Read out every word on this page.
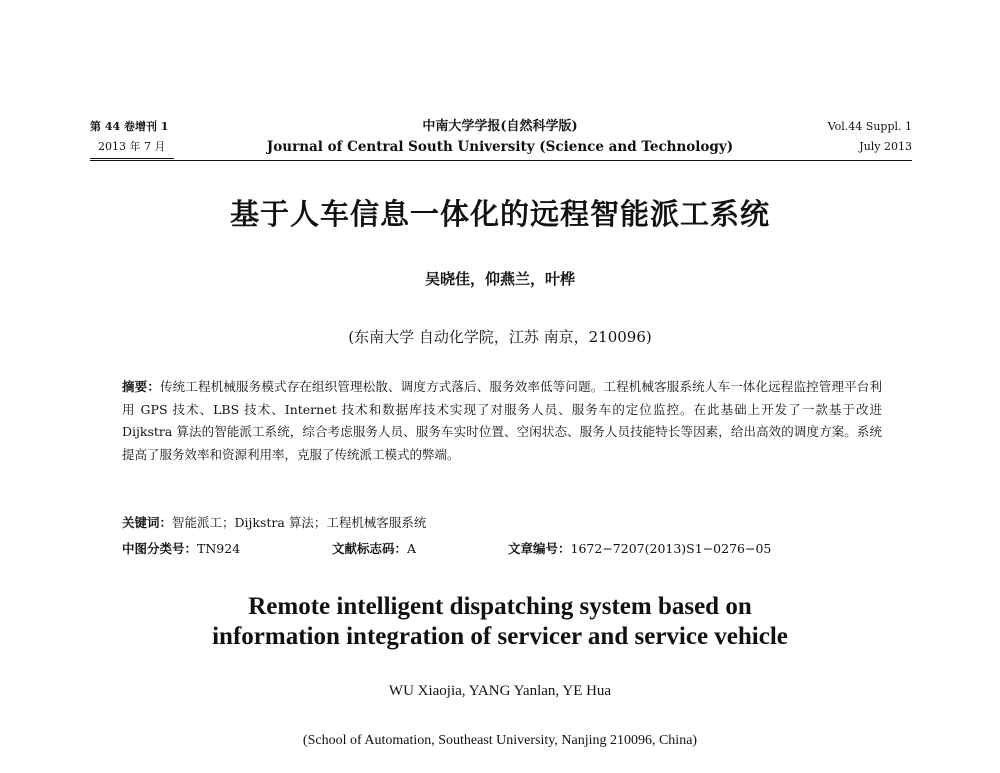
第 44 卷增刊 1
2013 年 7 月
中南大学学报(自然科学版)
Journal of Central South University (Science and Technology)
Vol.44 Suppl. 1
July 2013
基于人车信息一体化的远程智能派工系统
吴晓佳，仰燕兰，叶桦
(东南大学 自动化学院，江苏 南京，210096)
摘要：传统工程机械服务模式存在组织管理松散、调度方式落后、服务效率低等问题。工程机械客服系统人车一体化远程监控管理平台利用 GPS 技术、LBS 技术、Internet 技术和数据库技术实现了对服务人员、服务车的定位监控。在此基础上开发了一款基于改进 Dijkstra 算法的智能派工系统，综合考虑服务人员、服务车实时位置、空闲状态、服务人员技能特长等因素，给出高效的调度方案。系统提高了服务效率和资源利用率，克服了传统派工模式的弊端。
关键词：智能派工；Dijkstra 算法；工程机械客服系统
中图分类号：TN924	文献标志码：A	文章编号：1672−7207(2013)S1−0276−05
Remote intelligent dispatching system based on
information integration of servicer and service vehicle
WU Xiaojia, YANG Yanlan, YE Hua
(School of Automation, Southeast University, Nanjing 210096, China)
